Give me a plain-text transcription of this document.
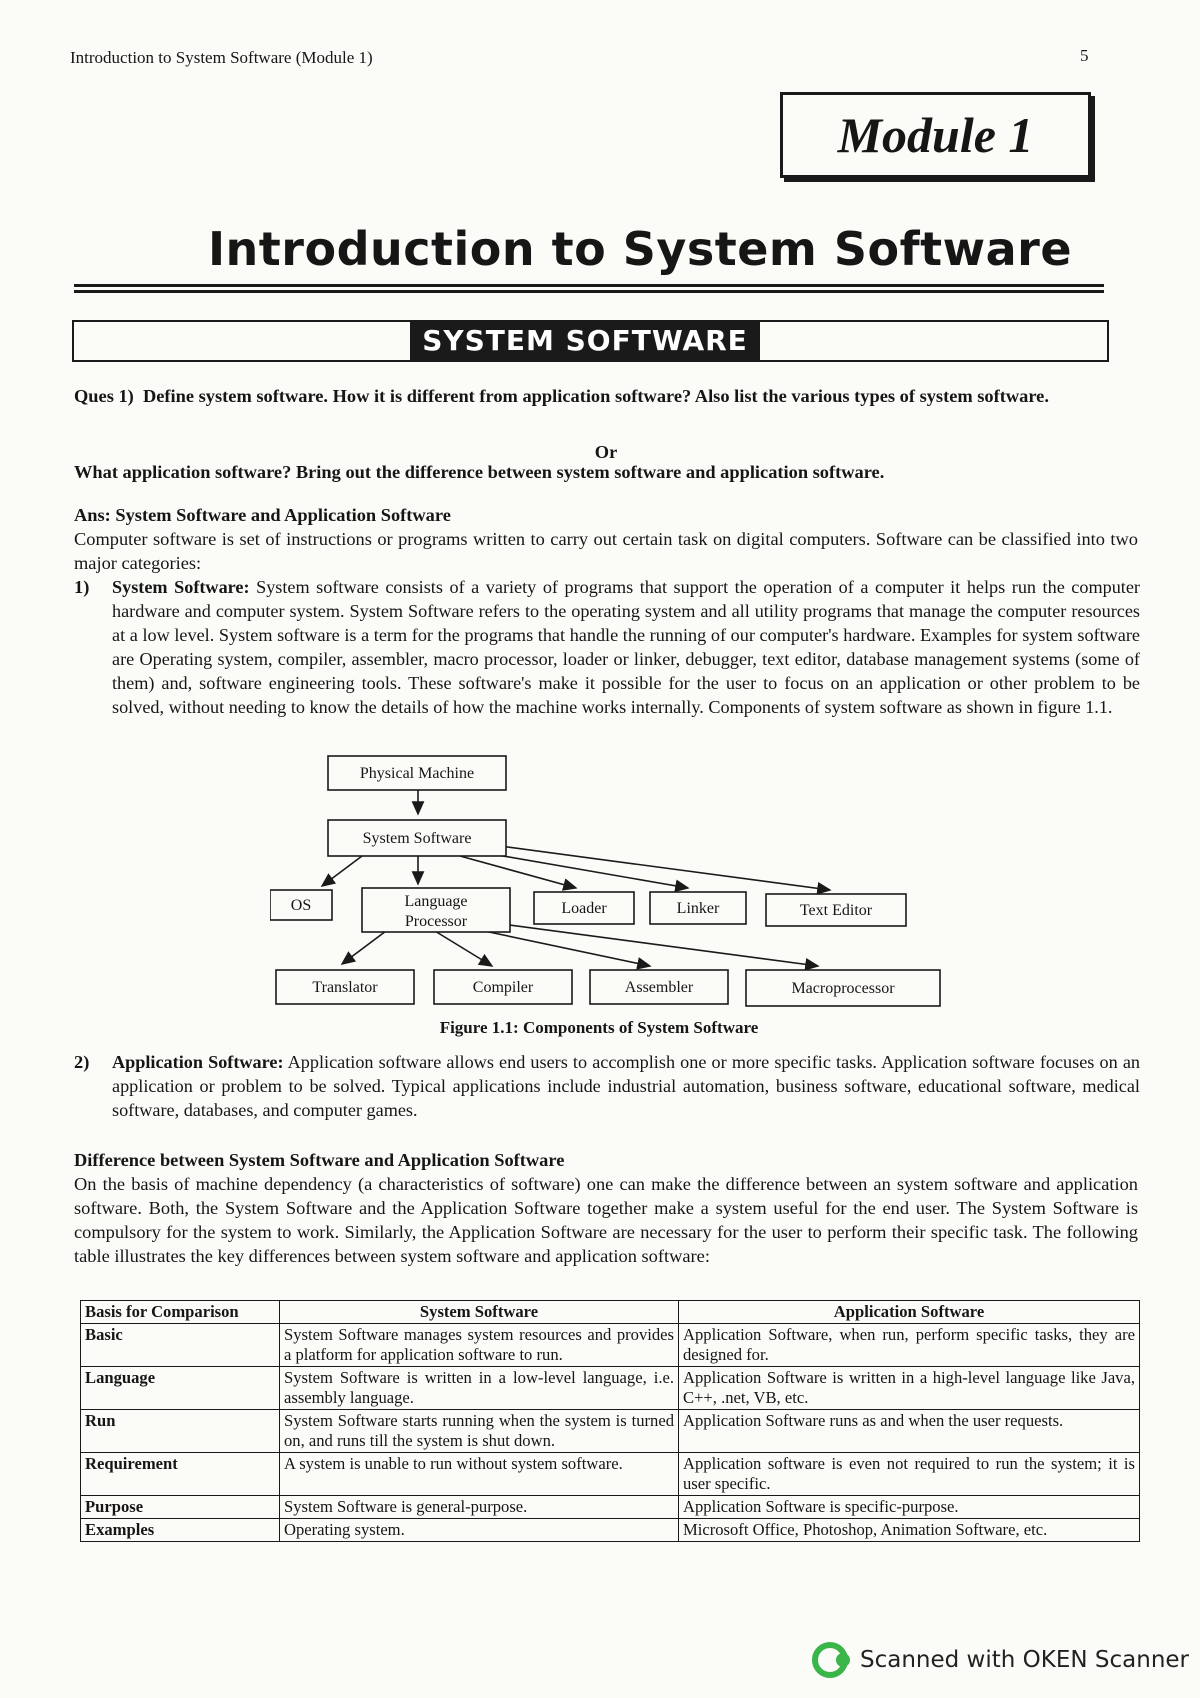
Introduction to System Software (Module 1)	5
Module 1
Introduction to System Software
SYSTEM SOFTWARE
Ques 1) Define system software. How it is different from application software? Also list the various types of system software.
Or
What application software? Bring out the difference between system software and application software.
Ans: System Software and Application Software
Computer software is set of instructions or programs written to carry out certain task on digital computers. Software can be classified into two major categories:
1)	System Software: System software consists of a variety of programs that support the operation of a computer it helps run the computer hardware and computer system. System Software refers to the operating system and all utility programs that manage the computer resources at a low level. System software is a term for the programs that handle the running of our computer's hardware. Examples for system software are Operating system, compiler, assembler, macro processor, loader or linker, debugger, text editor, database management systems (some of them) and, software engineering tools. These software's make it possible for the user to focus on an application or other problem to be solved, without needing to know the details of how the machine works internally. Components of system software as shown in figure 1.1.
Physical Machine
System Software
OS	Language
Processor
Loader	Linker	Text Editor
Translator	Compiler	Assembler	Macroprocessor
Figure 1.1: Components of System Software
2)	Application Software: Application software allows end users to accomplish one or more specific tasks. Application software focuses on an application or problem to be solved. Typical applications include industrial automation, business software, educational software, medical software, databases, and computer games.
Difference between System Software and Application Software
On the basis of machine dependency (a characteristics of software) one can make the difference between an system software and application software. Both, the System Software and the Application Software together make a system useful for the end user. The System Software is compulsory for the system to work. Similarly, the Application Software are necessary for the user to perform their specific task. The following table illustrates the key differences between system software and application software:
Basis for Comparison	System Software	Application Software
Basic	System Software manages system resources and provides a platform for application software to run.	Application Software, when run, perform specific tasks, they are designed for.
Language	System Software is written in a low-level language, i.e. assembly language.	Application Software is written in a high-level language like Java, C++, .net, VB, etc.
Run	System Software starts running when the system is turned on, and runs till the system is shut down.	Application Software runs as and when the user requests.
Requirement	A system is unable to run without system software.	Application software is even not required to run the system; it is user specific.
Purpose	System Software is general-purpose.	Application Software is specific-purpose.
Examples	Operating system.	Microsoft Office, Photoshop, Animation Software, etc.
Scanned with OKEN Scanner
